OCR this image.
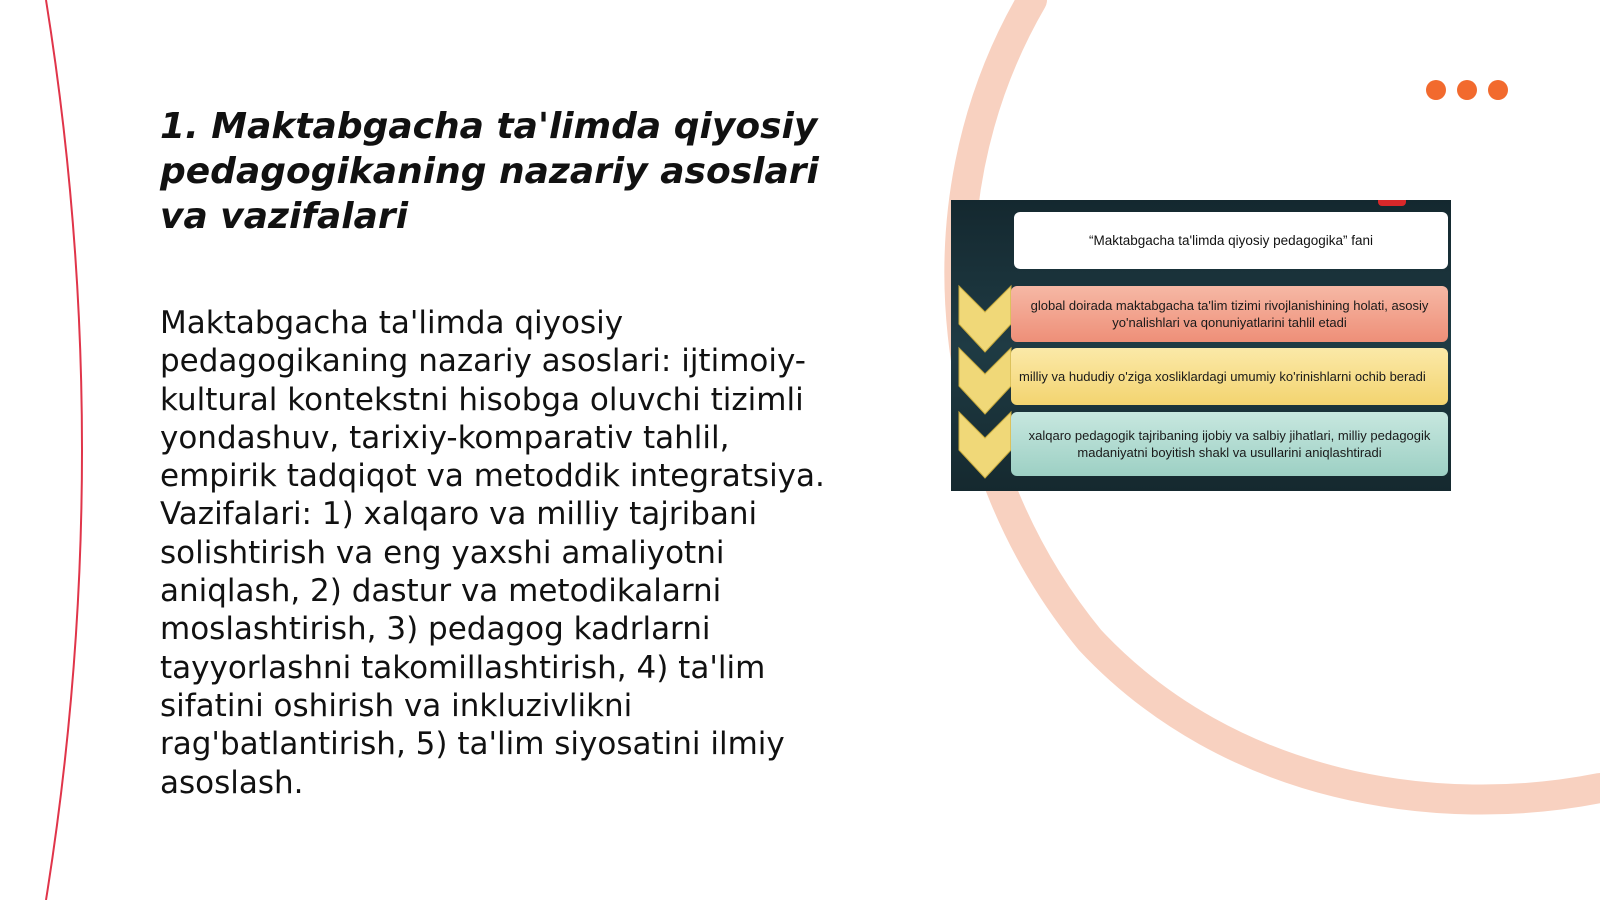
1. Maktabgacha ta'limda qiyosiy pedagogikaning nazariy asoslari va vazifalari

Maktabgacha ta'limda qiyosiy pedagogikaning nazariy asoslari: ijtimoiy-kultural kontekstni hisobga oluvchi tizimli yondashuv, tarixiy-komparativ tahlil, empirik tadqiqot va metoddik integratsiya. Vazifalari: 1) xalqaro va milliy tajribani solishtirish va eng yaxshi amaliyotni aniqlash, 2) dastur va metodikalarni moslashtirish, 3) pedagog kadrlarni tayyorlashni takomillashtirish, 4) ta'lim sifatini oshirish va inkluzivlikni rag'batlantirish, 5) ta'lim siyosatini ilmiy asoslash.

“Maktabgacha ta'limda qiyosiy pedagogika” fani
global doirada maktabgacha ta'lim tizimi rivojlanishining holati, asosiy yo'nalishlari va qonuniyatlarini tahlil etadi
milliy va hududiy o'ziga xosliklardagi umumiy ko'rinishlarni ochib beradi
xalqaro pedagogik tajribaning ijobiy va salbiy jihatlari, milliy pedagogik madaniyatni boyitish shakl va usullarini aniqlashtiradi
